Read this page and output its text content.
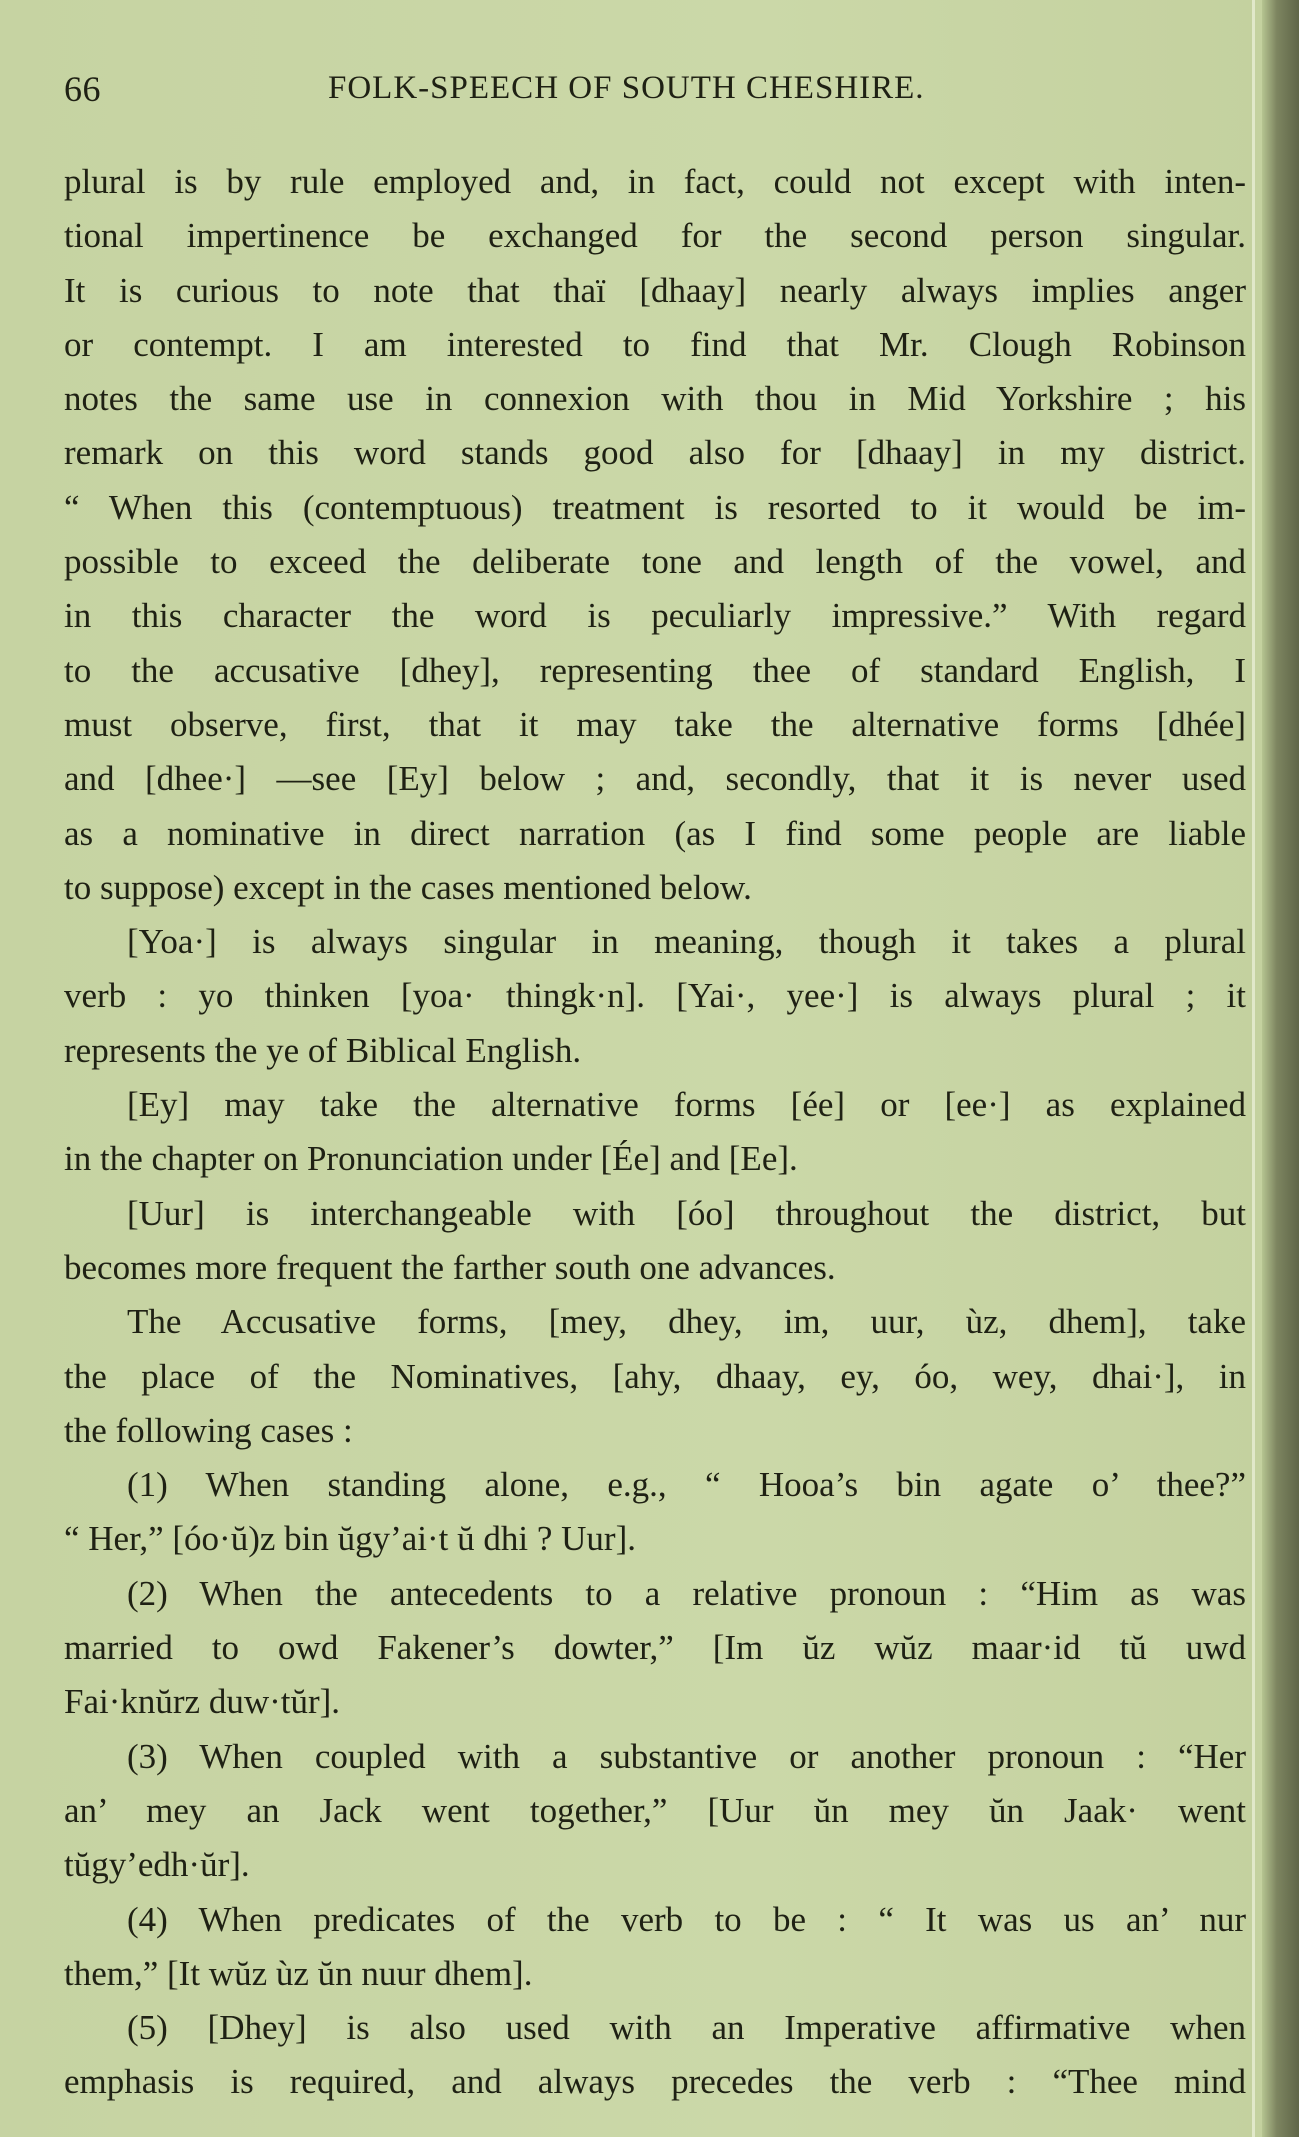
66	FOLK-SPEECH OF SOUTH CHESHIRE.
plural is by rule employed and, in fact, could not except with inten-
tional impertinence be exchanged for the second person singular.
It is curious to note that thaï [dhaay] nearly always implies anger
or contempt. I am interested to find that Mr. Clough Robinson
notes the same use in connexion with thou in Mid Yorkshire ; his
remark on this word stands good also for [dhaay] in my district.
“ When this (contemptuous) treatment is resorted to it would be im-
possible to exceed the deliberate tone and length of the vowel, and
in this character the word is peculiarly impressive.” With regard
to the accusative [dhey], representing thee of standard English, I
must observe, first, that it may take the alternative forms [dhée]
and [dhee·] —see [Ey] below ; and, secondly, that it is never used
as a nominative in direct narration (as I find some people are liable
to suppose) except in the cases mentioned below.
[Yoa·] is always singular in meaning, though it takes a plural
verb : yo thinken [yoa· thingk·n]. [Yai·, yee·] is always plural ; it
represents the ye of Biblical English.
[Ey] may take the alternative forms [ée] or [ee·] as explained
in the chapter on Pronunciation under [Ée] and [Ee].
[Uur] is interchangeable with [óo] throughout the district, but
becomes more frequent the farther south one advances.
The Accusative forms, [mey, dhey, im, uur, ùz, dhem], take
the place of the Nominatives, [ahy, dhaay, ey, óo, wey, dhai·], in
the following cases :
(1) When standing alone, e.g., “ Hooa’s bin agate o’ thee?”
“ Her,” [óo·ŭ)z bin ŭgy’ai·t ŭ dhi ? Uur].
(2) When the antecedents to a relative pronoun : “Him as was
married to owd Fakener’s dowter,” [Im ŭz wŭz maar·id tŭ uwd
Fai·knŭrz duw·tŭr].
(3) When coupled with a substantive or another pronoun : “Her
an’ mey an Jack went together,” [Uur ŭn mey ŭn Jaak· went
tŭgy’edh·ŭr].
(4) When predicates of the verb to be : “ It was us an’ nur
them,” [It wŭz ùz ŭn nuur dhem].
(5) [Dhey] is also used with an Imperative affirmative when
emphasis is required, and always precedes the verb : “Thee mind
